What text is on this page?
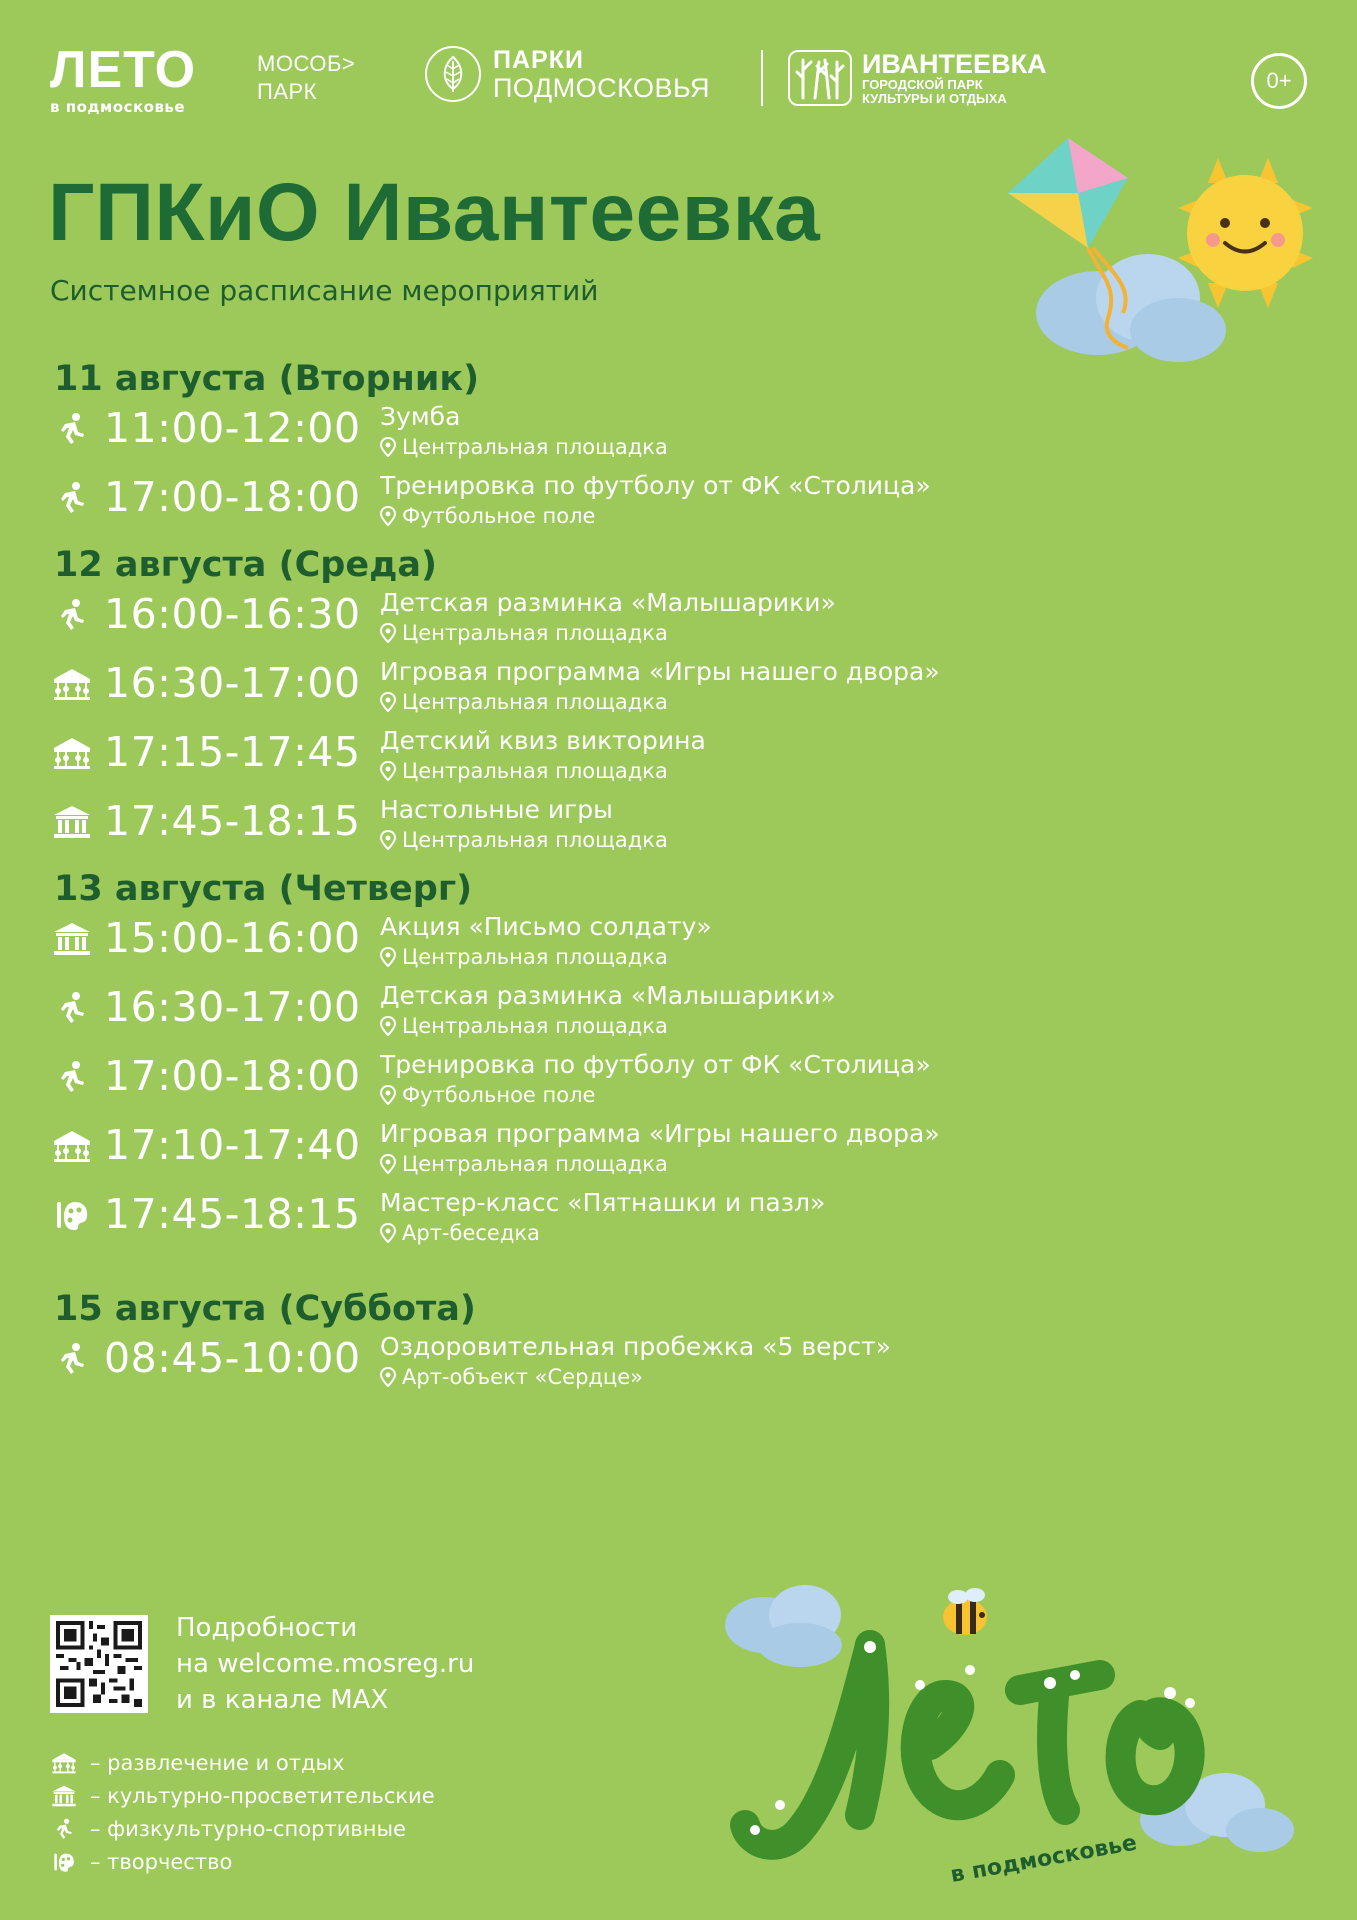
ЛЕТО
в подмосковье
МОСОБ>
ПАРК
ПАРКИ
ПОДМОСКОВЬЯ
ИВАНТЕЕВКА
ГОРОДСКОЙ ПАРК
КУЛЬТУРЫ И ОТДЫХА
0+
ГПКиО Ивантеевка
Системное расписание мероприятий
11 августа (Вторник)
11:00-12:00 Зумба
Центральная площадка
17:00-18:00 Тренировка по футболу от ФК «Столица»
Футбольное поле
12 августа (Среда)
16:00-16:30 Детская разминка «Малышарики»
Центральная площадка
16:30-17:00 Игровая программа «Игры нашего двора»
Центральная площадка
17:15-17:45 Детский квиз викторина
Центральная площадка
17:45-18:15 Настольные игры
Центральная площадка
13 августа (Четверг)
15:00-16:00 Акция «Письмо солдату»
Центральная площадка
16:30-17:00 Детская разминка «Малышарики»
Центральная площадка
17:00-18:00 Тренировка по футболу от ФК «Столица»
Футбольное поле
17:10-17:40 Игровая программа «Игры нашего двора»
Центральная площадка
17:45-18:15 Мастер-класс «Пятнашки и пазл»
Арт-беседка
15 августа (Суббота)
08:45-10:00 Оздоровительная пробежка «5 верст»
Арт-объект «Сердце»
Подробности
на welcome.mosreg.ru
и в канале MAX
– развлечение и отдых
– культурно-просветительские
– физкультурно-спортивные
– творчество	в подмосковье
